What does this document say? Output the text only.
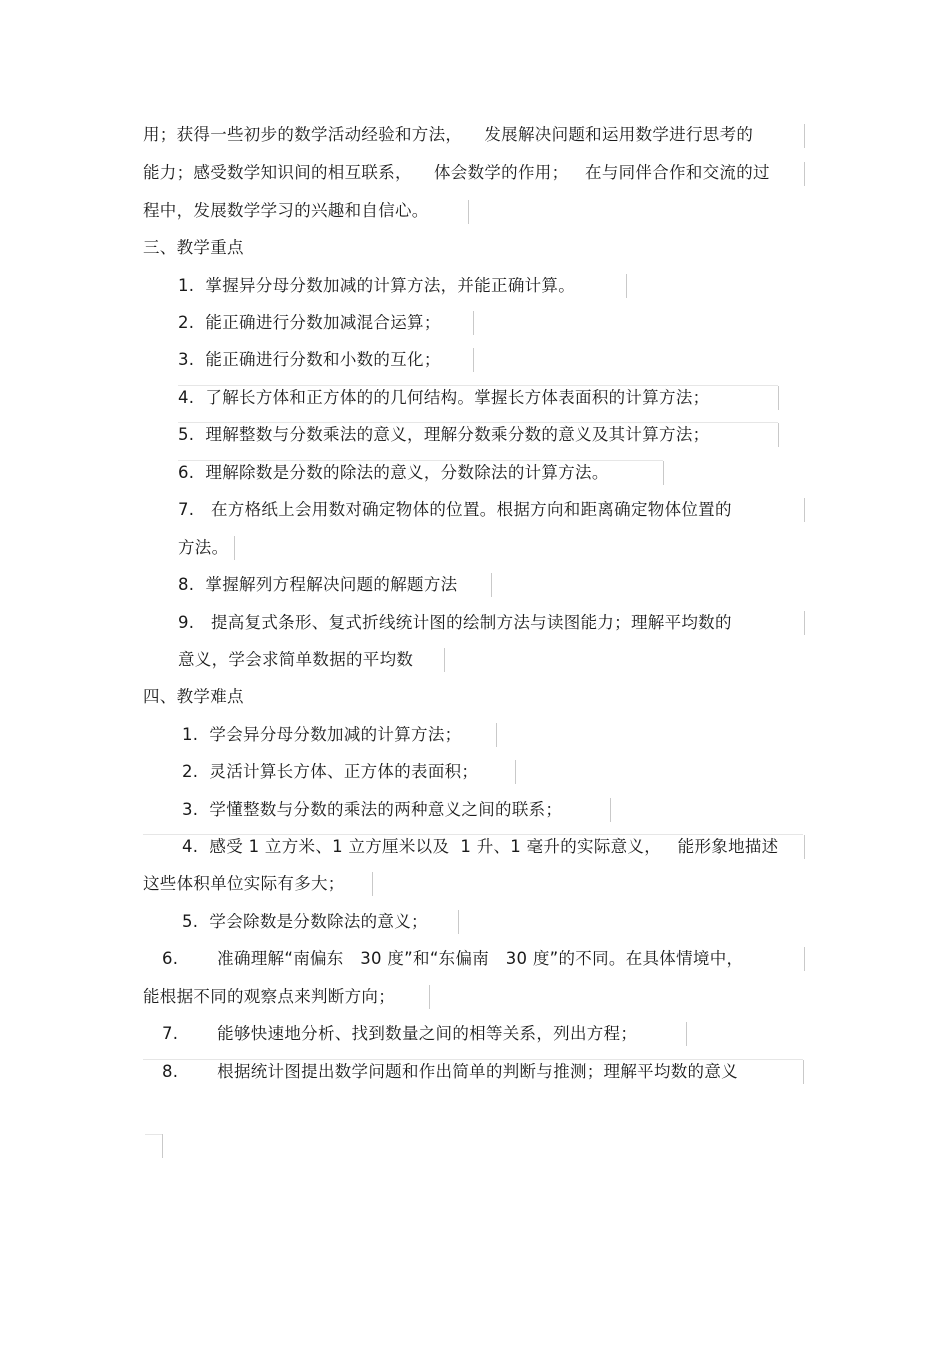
用；获得一些初步的数学活动经验和方法，    发展解决问题和运用数学进行思考的
能力；感受数学知识间的相互联系，    体会数学的作用；   在与同伴合作和交流的过
程中，发展数学学习的兴趣和自信心。
三、教学重点
1.  掌握异分母分数加减的计算方法，并能正确计算。
2.  能正确进行分数加减混合运算；
3.  能正确进行分数和小数的互化；
4.  了解长方体和正方体的的几何结构。掌握长方体表面积的计算方法；
5.  理解整数与分数乘法的意义，理解分数乘分数的意义及其计算方法；
6.  理解除数是分数的除法的意义，分数除法的计算方法。
7.   在方格纸上会用数对确定物体的位置。根据方向和距离确定物体位置的
方法。
8.  掌握解列方程解决问题的解题方法
9.   提高复式条形、复式折线统计图的绘制方法与读图能力；理解平均数的
意义，学会求简单数据的平均数
四、教学难点
1.  学会异分母分数加减的计算方法；
2.  灵活计算长方体、正方体的表面积；
3.  学懂整数与分数的乘法的两种意义之间的联系；
4.  感受 1 立方米、1 立方厘米以及  1 升、1 毫升的实际意义，   能形象地描述
这些体积单位实际有多大；
5.  学会除数是分数除法的意义；
6.       准确理解“南偏东   30 度”和“东偏南   30 度”的不同。在具体情境中，
能根据不同的观察点来判断方向；
7.       能够快速地分析、找到数量之间的相等关系，列出方程；
8.       根据统计图提出数学问题和作出简单的判断与推测；理解平均数的意义
